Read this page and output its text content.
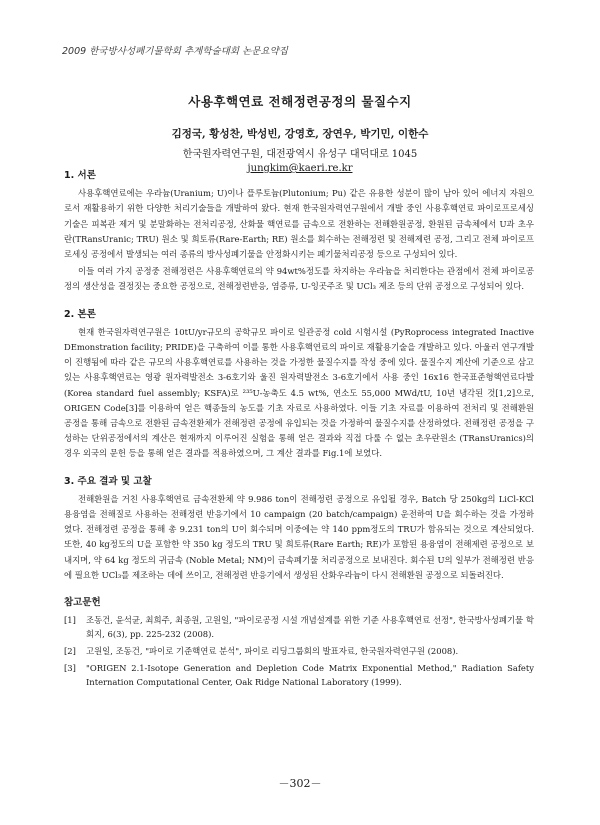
2009 한국방사성폐기물학회 추계학술대회 논문요약집
사용후핵연료 전해정련공정의 물질수지
김정국, 황성찬, 박성빈, 강영호, 장연우, 박기민, 이한수
한국원자력연구원, 대전광역시 유성구 대덕대로 1045
jungkim@kaeri.re.kr
1. 서론

사용후핵연료에는 우라늄(Uranium; U)이나 플루토늄(Plutonium; Pu) 같은 유용한 성분이 많이 남아 있어 에너지 자원으로서 재활용하기 위한 다양한 처리기술들을 개발하여 왔다. 현재 한국원자력연구원에서 개발 중인 사용후핵연료 파이로프로세싱기술은 피복관 제거 및 분말화하는 전처리공정, 산화물 핵연료를 금속으로 전환하는 전해환원공정, 환원된 금속체에서 U과 초우란(TRansUranic; TRU) 원소 및 희토류(Rare-Earth; RE) 원소를 회수하는 전해정련 및 전해제련 공정, 그리고 전체 파이로프로세싱 공정에서 발생되는 여러 종류의 방사성폐기물을 안정화시키는 폐기물처리공정 등으로 구성되어 있다.

이들 여러 가지 공정중 전해정련은 사용후핵연료의 약 94wt%정도를 차지하는 우라늄을 처리한다는 관점에서 전체 파이로공정의 생산성을 결정짓는 중요한 공정으로, 전해정련반응, 염증류, U-잉곳주조 및 UCl₃ 제조 등의 단위 공정으로 구성되어 있다.

2. 본론

현재 한국원자력연구원은 10tU/yr규모의 공학규모 파이로 일관공정 cold 시험시설 (PyRoprocess integrated Inactive DEmonstration facility; PRIDE)을 구축하여 이를 통한 사용후핵연료의 파이로 재활용기술을 개발하고 있다. 아울러 연구개발이 진행됨에 따라 같은 규모의 사용후핵연료를 사용하는 것을 가정한 물질수지를 작성 중에 있다. 물질수지 계산에 기준으로 삼고 있는 사용후핵연료는 영광 원자력발전소 3-6호기와 울진 원자력발전소 3-6호기에서 사용 중인 16x16 한국표준형핵연료다발(Korea standard fuel assembly; KSFA)로 ²³⁵U-농축도 4.5 wt%, 연소도 55,000 MWd/tU, 10년 냉각된 것[1,2]으로, ORIGEN Code[3]를 이용하여 얻은 핵종들의 농도를 기초 자료로 사용하였다. 이들 기초 자료를 이용하여 전처리 및 전해환원 공정을 통해 금속으로 전환된 금속전환체가 전해정련 공정에 유입되는 것을 가정하여 물질수지를 산정하였다. 전해정련 공정을 구성하는 단위공정에서의 계산은 현재까지 이루어진 실험을 통해 얻은 결과와 직접 다룰 수 없는 초우란원소 (TRansUranics)의 경우 외국의 문헌 등을 통해 얻은 결과를 적용하였으며, 그 계산 결과를 Fig.1에 보였다.

3. 주요 결과 및 고찰

전해환원을 거친 사용후핵연료 금속전환체 약 9.986 ton이 전해정련 공정으로 유입될 경우, Batch 당 250kg의 LiCl-KCl 용융염을 전해질로 사용하는 전해정련 반응기에서 10 campaign (20 batch/campaign) 운전하여 U을 회수하는 것을 가정하였다. 전해정련 공정을 통해 총 9.231 ton의 U이 회수되며 이중에는 약 140 ppm정도의 TRU가 함유되는 것으로 계산되었다. 또한, 40 kg정도의 U을 포함한 약 350 kg 정도의 TRU 및 희토류(Rare Earth; RE)가 포함된 용융염이 전해제련 공정으로 보내지며, 약 64 kg 정도의 귀금속 (Noble Metal; NM)이 금속폐기물 처리공정으로 보내진다. 회수된 U의 일부가 전해정련 반응에 필요한 UCl₃를 제조하는 데에 쓰이고, 전해정련 반응기에서 생성된 산화우라늄이 다시 전해환원 공정으로 되돌려진다.

참고문헌
[1]	조동건, 윤석균, 최희주, 최종원, 고원일, "파이로공정 시설 개념설계를 위한 기준 사용후핵연료 선정", 한국방사성폐기물 학회지, 6(3), pp. 225-232 (2008).
[2]	고원일, 조동건, "파이로 기준핵연료 분석", 파이로 리딩그룹회의 발표자료, 한국원자력연구원 (2008).
[3]	"ORIGEN 2.1-Isotope Generation and Depletion Code Matrix Exponential Method," Radiation Safety Internation Computational Center, Oak Ridge National Laboratory (1999).
－302－
